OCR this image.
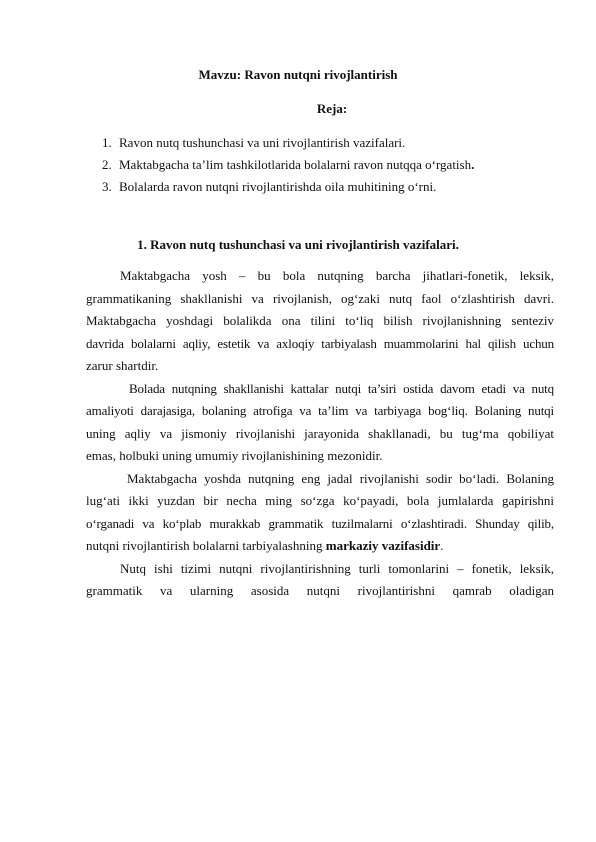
Mavzu: Ravon nutqni rivojlantirish
Reja:
1. Ravon nutq tushunchasi va uni rivojlantirish vazifalari.
2. Maktabgacha ta’lim tashkilotlarida bolalarni ravon nutqqa o‘rgatish.
3. Bolalarda ravon nutqni rivojlantirishda oila muhitining o‘rni.
1. Ravon nutq tushunchasi va uni rivojlantirish vazifalari.
Maktabgacha yosh – bu bola nutqning barcha jihatlari-fonetik, leksik,
grammatikaning shakllanishi va rivojlanish, og‘zaki nutq faol o‘zlashtirish davri.
Maktabgacha yoshdagi bolalikda ona tilini to‘liq bilish rivojlanishning senteziv
davrida bolalarni aqliy, estetik va axloqiy tarbiyalash muammolarini hal qilish uchun
zarur shartdir.
Bolada nutqning shakllanishi kattalar nutqi ta’siri ostida davom etadi va nutq
amaliyoti darajasiga, bolaning atrofiga va ta’lim va tarbiyaga bog‘liq. Bolaning nutqi
uning aqliy va jismoniy rivojlanishi jarayonida shakllanadi, bu tug‘ma qobiliyat
emas, holbuki uning umumiy rivojlanishining mezonidir.
Maktabgacha yoshda nutqning eng jadal rivojlanishi sodir bo‘ladi. Bolaning
lug‘ati ikki yuzdan bir necha ming so‘zga ko‘payadi, bola jumlalarda gapirishni
o‘rganadi va ko‘plab murakkab grammatik tuzilmalarni o‘zlashtiradi. Shunday qilib,
nutqni rivojlantirish bolalarni tarbiyalashning markaziy vazifasidir.
Nutq ishi tizimi nutqni rivojlantirishning turli tomonlarini – fonetik, leksik,
grammatik va ularning asosida nutqni rivojlantirishni qamrab oladigan
